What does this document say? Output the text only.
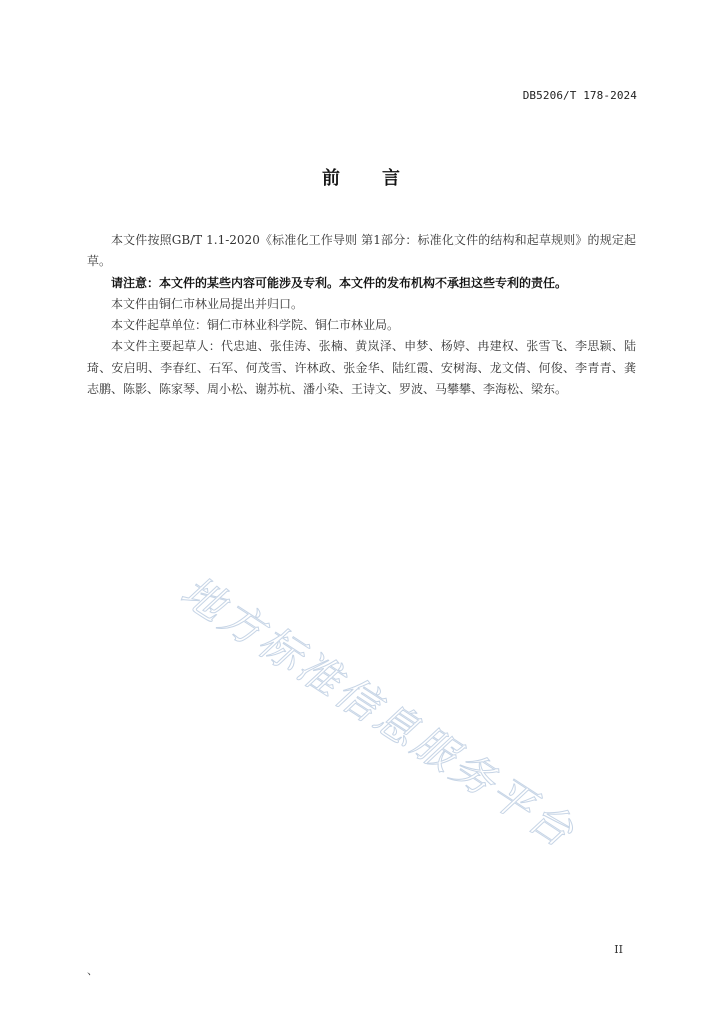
DB5206/T 178-2024
前　　言

本文件按照GB/T 1.1-2020《标准化工作导则 第1部分：标准化文件的结构和起草规则》的规定起草。

请注意：本文件的某些内容可能涉及专利。本文件的发布机构不承担这些专利的责任。

本文件由铜仁市林业局提出并归口。

本文件起草单位：铜仁市林业科学院、铜仁市林业局。

本文件主要起草人：代忠迪、张佳涛、张楠、黄岚泽、申梦、杨婷、冉建权、张雪飞、李思颖、陆琦、安启明、李春红、石军、何茂雪、许林政、张金华、陆红霞、安树海、龙文倩、何俊、李青青、龚志鹏、陈影、陈家琴、周小松、谢苏杭、潘小染、王诗文、罗波、马攀攀、李海松、梁东。

地方标准信息服务平台
II
、
